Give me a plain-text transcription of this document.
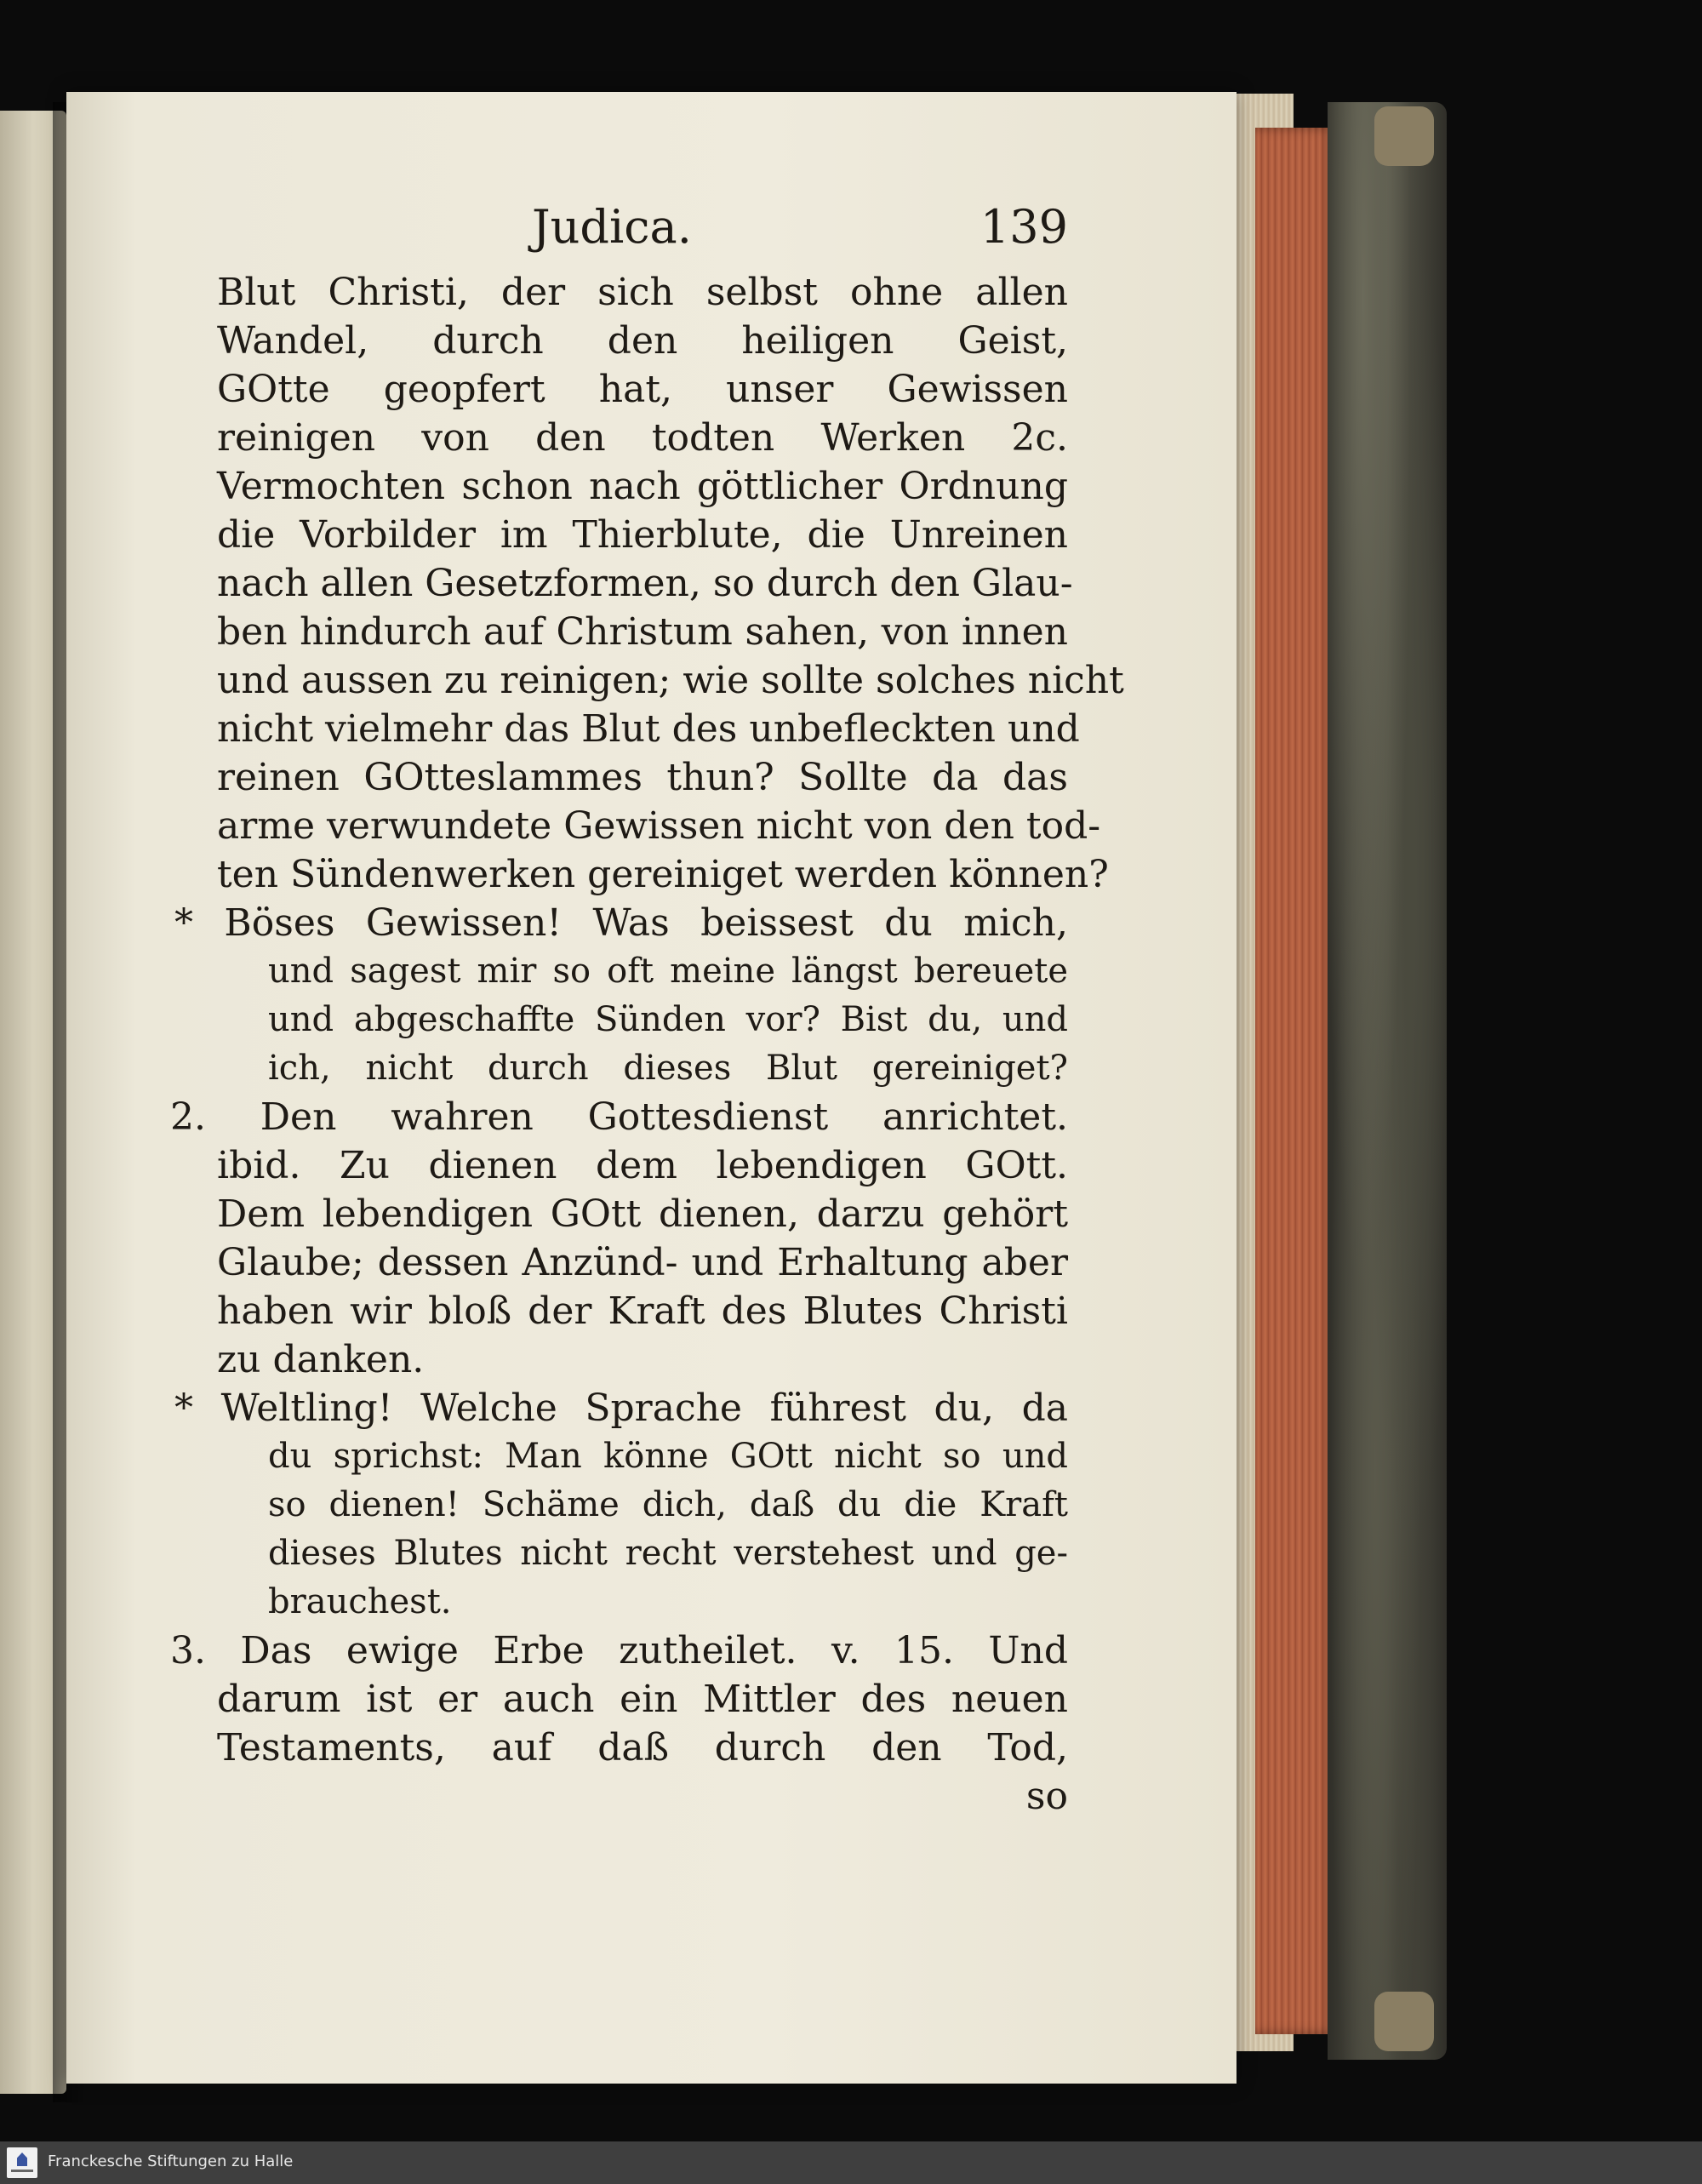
Judica.	139
Blut Christi, der sich selbst ohne allen
Wandel, durch den heiligen Geist,
GOtte geopfert hat, unser Gewissen
reinigen von den todten Werken 2c.
Vermochten schon nach göttlicher Ordnung
die Vorbilder im Thierblute, die Unreinen
nach allen Gesetzformen, so durch den Glau-
ben hindurch auf Christum sahen, von innen
und aussen zu reinigen; wie sollte solches nicht
nicht vielmehr das Blut des unbefleckten und
reinen GOtteslammes thun? Sollte da das
arme verwundete Gewissen nicht von den tod-
ten Sündenwerken gereiniget werden können?
* Böses Gewissen! Was beissest du mich,
und sagest mir so oft meine längst bereuete
und abgeschaffte Sünden vor? Bist du, und
ich, nicht durch dieses Blut gereiniget?
2. Den wahren Gottesdienst anrichtet.
ibid. Zu dienen dem lebendigen GOtt.
Dem lebendigen GOtt dienen, darzu gehört
Glaube; dessen Anzünd- und Erhaltung aber
haben wir bloß der Kraft des Blutes Christi
zu danken.
* Weltling! Welche Sprache führest du, da
du sprichst: Man könne GOtt nicht so und
so dienen! Schäme dich, daß du die Kraft
dieses Blutes nicht recht verstehest und ge-
brauchest.
3. Das ewige Erbe zutheilet. v. 15. Und
darum ist er auch ein Mittler des neuen
Testaments, auf daß durch den Tod,
so
Franckesche Stiftungen zu Halle
